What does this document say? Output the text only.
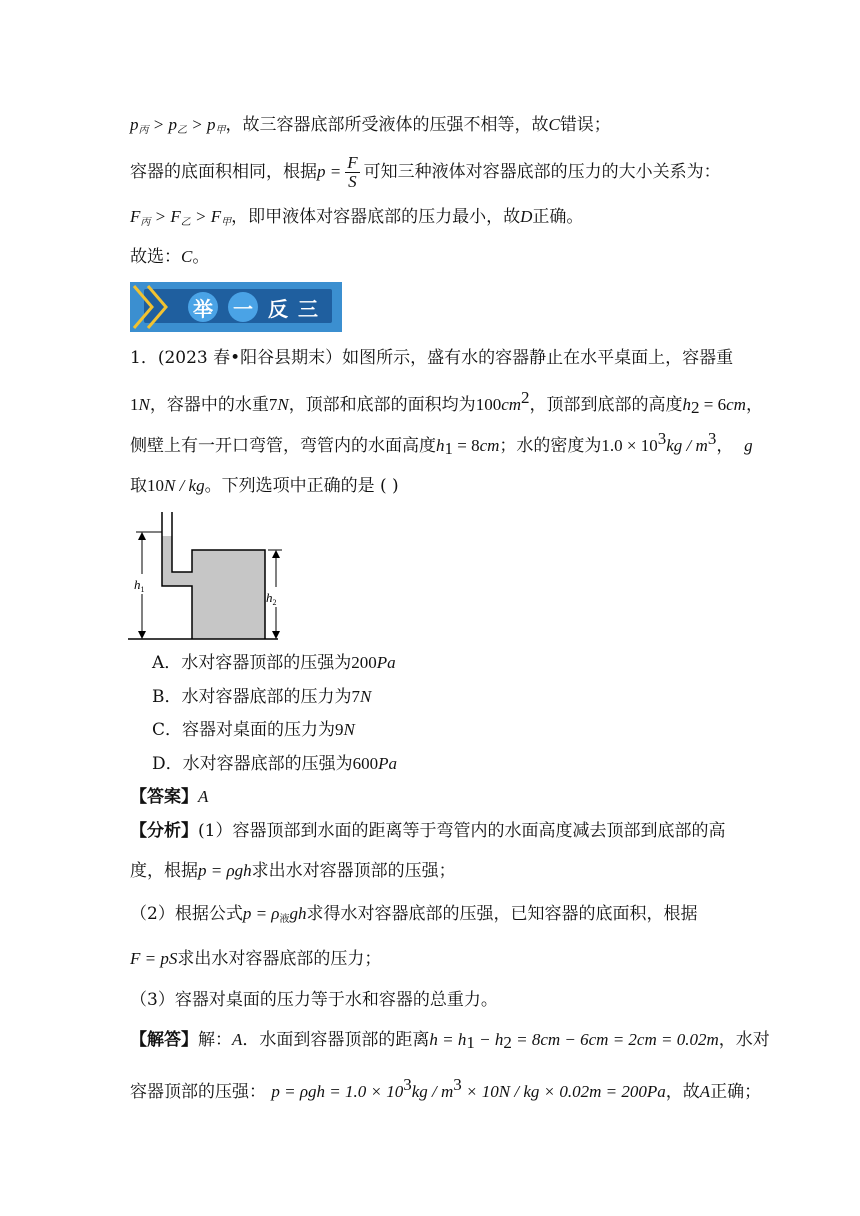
$p_丙 > p_乙 > p_甲$，故三容器底部所受液体的压强不相等，故C错误；
容器的底面积相同，根据$p = \frac{F}{S}$ 可知三种液体对容器底部的压力的大小关系为：
$F_丙 > F_乙 > F_甲$，即甲液体对容器底部的压力最小，故D正确。
故选：C。
举 一 反 三
1．(2023 春•阳谷县期末）如图所示，盛有水的容器静止在水平桌面上，容器重
1N，容器中的水重7N，顶部和底部的面积均为$100cm^2$，顶部到底部的高度$h_2 = 6cm$，
侧壁上有一开口弯管，弯管内的水面高度$h_1 = 8cm$；水的密度为$1.0 \times 10^3kg / m^3$， g
取10N / kg。下列选项中正确的是 ( )
$h_1$
$h_2$
A．水对容器顶部的压强为200Pa
B．水对容器底部的压力为7N
C．容器对桌面的压力为9N
D．水对容器底部的压强为600Pa
【答案】A
【分析】(1）容器顶部到水面的距离等于弯管内的水面高度减去顶部到底部的高
度，根据p = ρgh求出水对容器顶部的压强；
（2）根据公式$p = \rho_液gh$求得水对容器底部的压强，已知容器的底面积，根据
F = pS求出水对容器底部的压力；
（3）容器对桌面的压力等于水和容器的总重力。
【解答】解：A．水面到容器顶部的距离$h = h_1 - h_2 = 8cm - 6cm = 2cm = 0.02m$，水对
容器顶部的压强： $p = \rho gh = 1.0 \times 10^3kg / m^3 \times 10N$ / kg × 0.02m = 200Pa，故A正确；
